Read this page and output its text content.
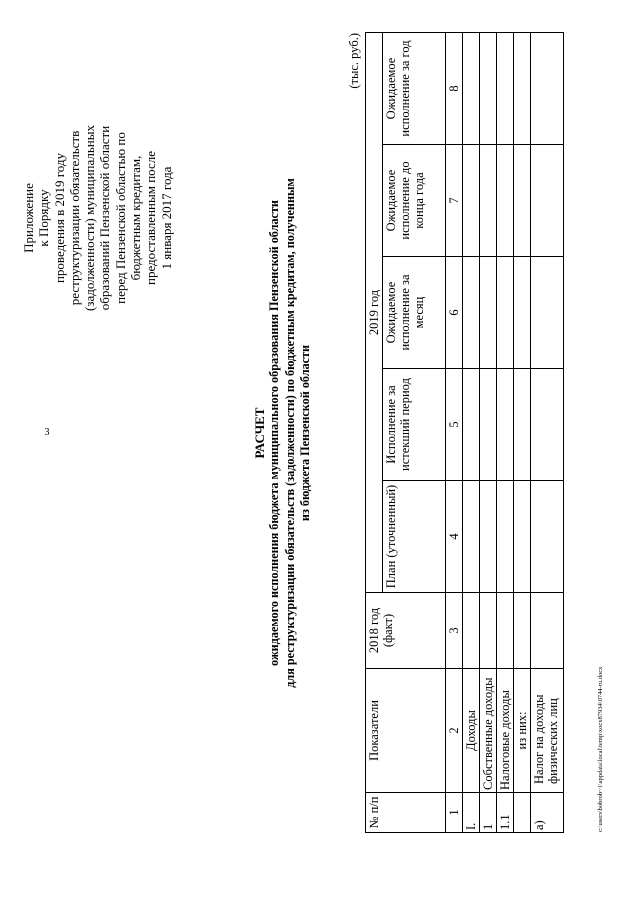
3
c:\users\bobrob~1\appdata\local\temp\xocx87934\0744-ru.docx
Приложение к Порядку проведения в 2019 году реструктуризации обязательств (задолженности) муниципальных образований Пензенской области перед Пензенской областью по бюджетным кредитам, предоставленным после 1 января 2017 года
РАСЧЕТ ожидаемого исполнения бюджета муниципального образования Пензенской области для реструктуризации обязательств (задолженности) по бюджетным кредитам, полученным из бюджета Пензенской области
(тыс. руб.)
№ п/п	Показатели	2018 год (факт)	2019 год				
			План (уточненный)	Исполнение за истекший период	Ожидаемое исполнение за месяц	Ожидаемое исполнение до конца года	Ожидаемое исполнение за год
1	2	3	4	5	6	7	8
I.	Доходы						
1	Собственные доходы						
1.1	Налоговые доходы						
	из них:						
а)	Налог на доходы физических лиц						
